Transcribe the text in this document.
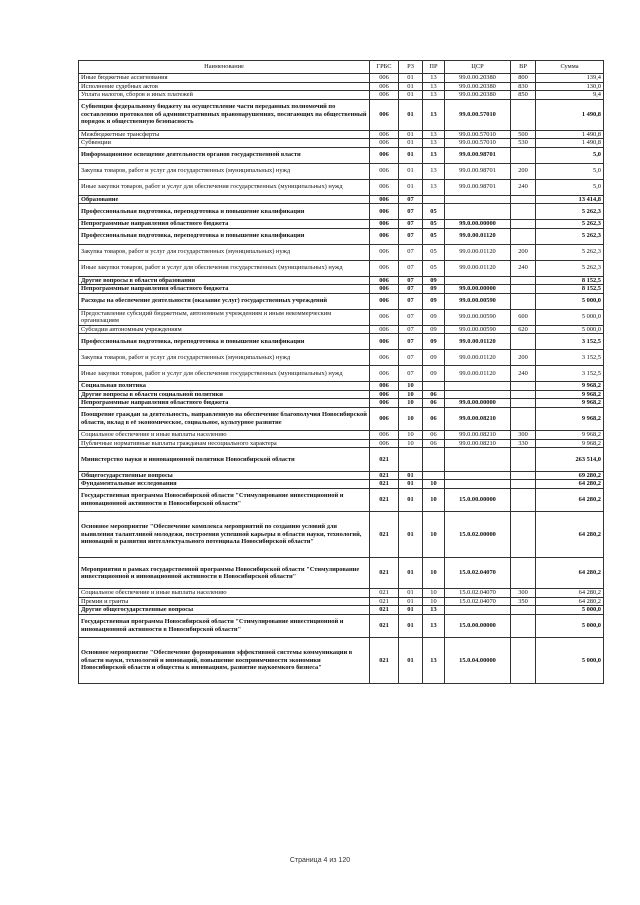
Наименование	ГРБС	РЗ	ПР	ЦСР	ВР	Сумма
Иные бюджетные ассигнования	006	01	13	99.0.00.20380	800	139,4
Исполнение судебных актов	006	01	13	99.0.00.20380	830	130,0
Уплата налогов, сборов и иных платежей	006	01	13	99.0.00.20380	850	9,4
Субвенции федеральному бюджету на осуществление части переданных полномочий по составлению протоколов об административных правонарушениях, посягающих на общественный порядок и общественную безопасность	006	01	13	99.0.00.57010		1 490,8
Межбюджетные трансферты	006	01	13	99.0.00.57010	500	1 490,8
Субвенции	006	01	13	99.0.00.57010	530	1 490,8
Информационное освещение деятельности органов государственной власти	006	01	13	99.0.00.98701		5,0
Закупка товаров, работ и услуг для государственных (муниципальных) нужд	006	01	13	99.0.00.98701	200	5,0
Иные закупки товаров, работ и услуг для обеспечения государственных (муниципальных) нужд	006	01	13	99.0.00.98701	240	5,0
Образование	006	07				13 414,8
Профессиональная подготовка, переподготовка и повышение квалификации	006	07	05			5 262,3
Непрограммные направления областного бюджета	006	07	05	99.0.00.00000		5 262,3
Профессиональная подготовка, переподготовка и повышение квалификации	006	07	05	99.0.00.01120		5 262,3
Закупка товаров, работ и услуг для государственных (муниципальных) нужд	006	07	05	99.0.00.01120	200	5 262,3
Иные закупки товаров, работ и услуг для обеспечения государственных (муниципальных) нужд	006	07	05	99.0.00.01120	240	5 262,3
Другие вопросы в области образования	006	07	09			8 152,5
Непрограммные направления областного бюджета	006	07	09	99.0.00.00000		8 152,5
Расходы на обеспечение деятельности (оказание услуг) государственных учреждений	006	07	09	99.0.00.00590		5 000,0
Предоставление субсидий бюджетным, автономным учреждениям и иным некоммерческим организациям	006	07	09	99.0.00.00590	600	5 000,0
Субсидии автономным учреждениям	006	07	09	99.0.00.00590	620	5 000,0
Профессиональная подготовка, переподготовка и повышение квалификации	006	07	09	99.0.00.01120		3 152,5
Закупка товаров, работ и услуг для государственных (муниципальных) нужд	006	07	09	99.0.00.01120	200	3 152,5
Иные закупки товаров, работ и услуг для обеспечения государственных (муниципальных) нужд	006	07	09	99.0.00.01120	240	3 152,5
Социальная политика	006	10				9 968,2
Другие вопросы в области социальной политики	006	10	06			9 968,2
Непрограммные направления областного бюджета	006	10	06	99.0.00.00000		9 968,2
Поощрение граждан за деятельность, направленную на обеспечение благополучия Новосибирской области, вклад в её экономическое, социальное, культурное развитие	006	10	06	99.0.00.08210		9 968,2
Социальное обеспечение и иные выплаты населению	006	10	06	99.0.00.08210	300	9 968,2
Публичные нормативные выплаты гражданам несоциального характера	006	10	06	99.0.00.08210	330	9 968,2
Министерство науки и инновационной политики Новосибирской области	021					263 514,0
Общегосударственные вопросы	021	01				69 280,2
Фундаментальные исследования	021	01	10			64 280,2
Государственная программа Новосибирской области "Стимулирование инвестиционной и инновационной активности в Новосибирской области"	021	01	10	15.0.00.00000		64 280,2
Основное мероприятие "Обеспечение комплекса мероприятий по созданию условий для выявления талантливой молодежи, построения успешной карьеры в области науки, технологий, инноваций и развития интеллектуального потенциала Новосибирской области"	021	01	10	15.0.02.00000		64 280,2
Мероприятия в рамках государственной программы Новосибирской области "Стимулирование инвестиционной и инновационной активности в Новосибирской области"	021	01	10	15.0.02.04070		64 280,2
Социальное обеспечение и иные выплаты населению	021	01	10	15.0.02.04070	300	64 280,2
Премии и гранты	021	01	10	15.0.02.04070	350	64 280,2
Другие общегосударственные вопросы	021	01	13			5 000,0
Государственная программа Новосибирской области "Стимулирование инвестиционной и инновационной активности в Новосибирской области"	021	01	13	15.0.00.00000		5 000,0
Основное мероприятие "Обеспечение формирования эффективной системы коммуникации в области науки, технологий и инноваций, повышение восприимчивости экономики Новосибирской области и общества к инновациям, развитие наукоемкого бизнеса"	021	01	13	15.0.04.00000		5 000,0
Страница 4 из 120
